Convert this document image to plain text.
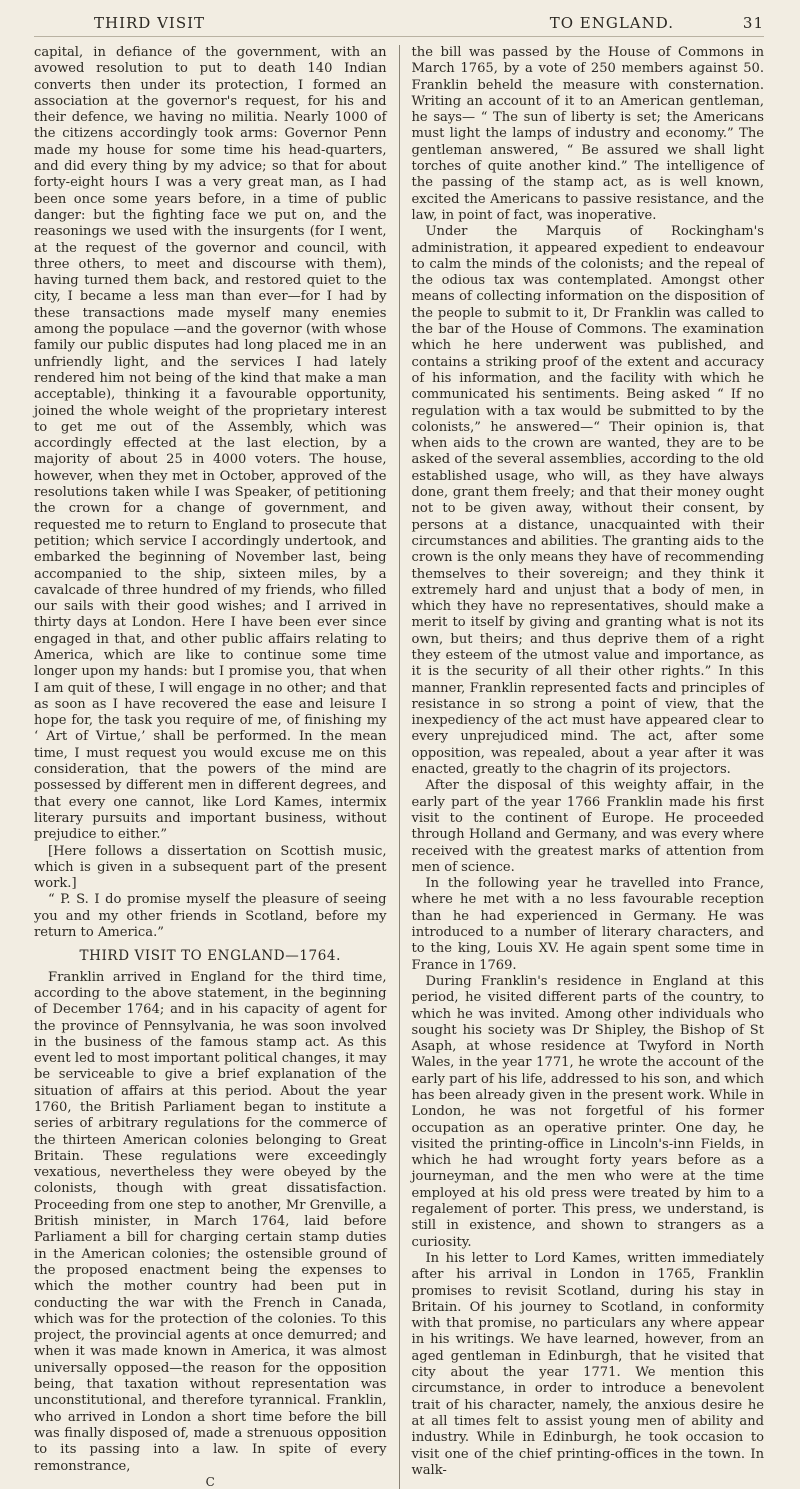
THIRD VISIT	TO ENGLAND.	31

capital, in defiance of the government, with an avowed resolution to put to death 140 Indian converts then under its protection, I formed an association at the governor's request, for his and their defence, we having no militia. Nearly 1000 of the citizens accordingly took arms: Governor Penn made my house for some time his head-quarters, and did every thing by my advice; so that for about forty-eight hours I was a very great man, as I had been once some years before, in a time of public danger: but the fighting face we put on, and the reasonings we used with the insurgents (for I went, at the request of the governor and council, with three others, to meet and discourse with them), having turned them back, and restored quiet to the city, I became a less man than ever—for I had by these transactions made myself many enemies among the populace —and the governor (with whose family our public disputes had long placed me in an unfriendly light, and the services I had lately rendered him not being of the kind that make a man acceptable), thinking it a favourable opportunity, joined the whole weight of the proprietary interest to get me out of the Assembly, which was accordingly effected at the last election, by a majority of about 25 in 4000 voters. The house, however, when they met in October, approved of the resolutions taken while I was Speaker, of petitioning the crown for a change of government, and requested me to return to England to prosecute that petition; which service I accordingly undertook, and embarked the beginning of November last, being accompanied to the ship, sixteen miles, by a cavalcade of three hundred of my friends, who filled our sails with their good wishes; and I arrived in thirty days at London. Here I have been ever since engaged in that, and other public affairs relating to America, which are like to continue some time longer upon my hands: but I promise you, that when I am quit of these, I will engage in no other; and that as soon as I have recovered the ease and leisure I hope for, the task you require of me, of finishing my ‘ Art of Virtue,’ shall be performed. In the mean time, I must request you would excuse me on this consideration, that the powers of the mind are possessed by different men in different degrees, and that every one cannot, like Lord Kames, intermix literary pursuits and important business, without prejudice to either.”

[Here follows a dissertation on Scottish music, which is given in a subsequent part of the present work.]

“ P. S. I do promise myself the pleasure of seeing you and my other friends in Scotland, before my return to America.”

THIRD VISIT TO ENGLAND—1764.

Franklin arrived in England for the third time, according to the above statement, in the beginning of December 1764; and in his capacity of agent for the province of Pennsylvania, he was soon involved in the business of the famous stamp act. As this event led to most important political changes, it may be serviceable to give a brief explanation of the situation of affairs at this period. About the year 1760, the British Parliament began to institute a series of arbitrary regulations for the commerce of the thirteen American colonies belonging to Great Britain. These regulations were exceedingly vexatious, nevertheless they were obeyed by the colonists, though with great dissatisfaction. Proceeding from one step to another, Mr Grenville, a British minister, in March 1764, laid before Parliament a bill for charging certain stamp duties in the American colonies; the ostensible ground of the proposed enactment being the expenses to which the mother country had been put in conducting the war with the French in Canada, which was for the protection of the colonies. To this project, the provincial agents at once demurred; and when it was made known in America, it was almost universally opposed—the reason for the opposition being, that taxation without representation was unconstitutional, and therefore tyrannical. Franklin, who arrived in London a short time before the bill was finally disposed of, made a strenuous opposition to its passing into a law. In spite of every remonstrance,

C

the bill was passed by the House of Commons in March 1765, by a vote of 250 members against 50. Franklin beheld the measure with consternation. Writing an account of it to an American gentleman, he says— “ The sun of liberty is set; the Americans must light the lamps of industry and economy.” The gentleman answered, “ Be assured we shall light torches of quite another kind.” The intelligence of the passing of the stamp act, as is well known, excited the Americans to passive resistance, and the law, in point of fact, was inoperative.

Under the Marquis of Rockingham's administration, it appeared expedient to endeavour to calm the minds of the colonists; and the repeal of the odious tax was contemplated. Amongst other means of collecting information on the disposition of the people to submit to it, Dr Franklin was called to the bar of the House of Commons. The examination which he here underwent was published, and contains a striking proof of the extent and accuracy of his information, and the facility with which he communicated his sentiments. Being asked “ If no regulation with a tax would be submitted to by the colonists,” he answered—“ Their opinion is, that when aids to the crown are wanted, they are to be asked of the several assemblies, according to the old established usage, who will, as they have always done, grant them freely; and that their money ought not to be given away, without their consent, by persons at a distance, unacquainted with their circumstances and abilities. The granting aids to the crown is the only means they have of recommending themselves to their sovereign; and they think it extremely hard and unjust that a body of men, in which they have no representatives, should make a merit to itself by giving and granting what is not its own, but theirs; and thus deprive them of a right they esteem of the utmost value and importance, as it is the security of all their other rights.” In this manner, Franklin represented facts and principles of resistance in so strong a point of view, that the inexpediency of the act must have appeared clear to every unprejudiced mind. The act, after some opposition, was repealed, about a year after it was enacted, greatly to the chagrin of its projectors.

After the disposal of this weighty affair, in the early part of the year 1766 Franklin made his first visit to the continent of Europe. He proceeded through Holland and Germany, and was every where received with the greatest marks of attention from men of science.

In the following year he travelled into France, where he met with a no less favourable reception than he had experienced in Germany. He was introduced to a number of literary characters, and to the king, Louis XV. He again spent some time in France in 1769.

During Franklin's residence in England at this period, he visited different parts of the country, to which he was invited. Among other individuals who sought his society was Dr Shipley, the Bishop of St Asaph, at whose residence at Twyford in North Wales, in the year 1771, he wrote the account of the early part of his life, addressed to his son, and which has been already given in the present work. While in London, he was not forgetful of his former occupation as an operative printer. One day, he visited the printing-office in Lincoln's-inn Fields, in which he had wrought forty years before as a journeyman, and the men who were at the time employed at his old press were treated by him to a regalement of porter. This press, we understand, is still in existence, and shown to strangers as a curiosity.

In his letter to Lord Kames, written immediately after his arrival in London in 1765, Franklin promises to revisit Scotland, during his stay in Britain. Of his journey to Scotland, in conformity with that promise, no particulars any where appear in his writings. We have learned, however, from an aged gentleman in Edinburgh, that he visited that city about the year 1771. We mention this circumstance, in order to introduce a benevolent trait of his character, namely, the anxious desire he at all times felt to assist young men of ability and industry. While in Edinburgh, he took occasion to visit one of the chief printing-offices in the town. In walk-
